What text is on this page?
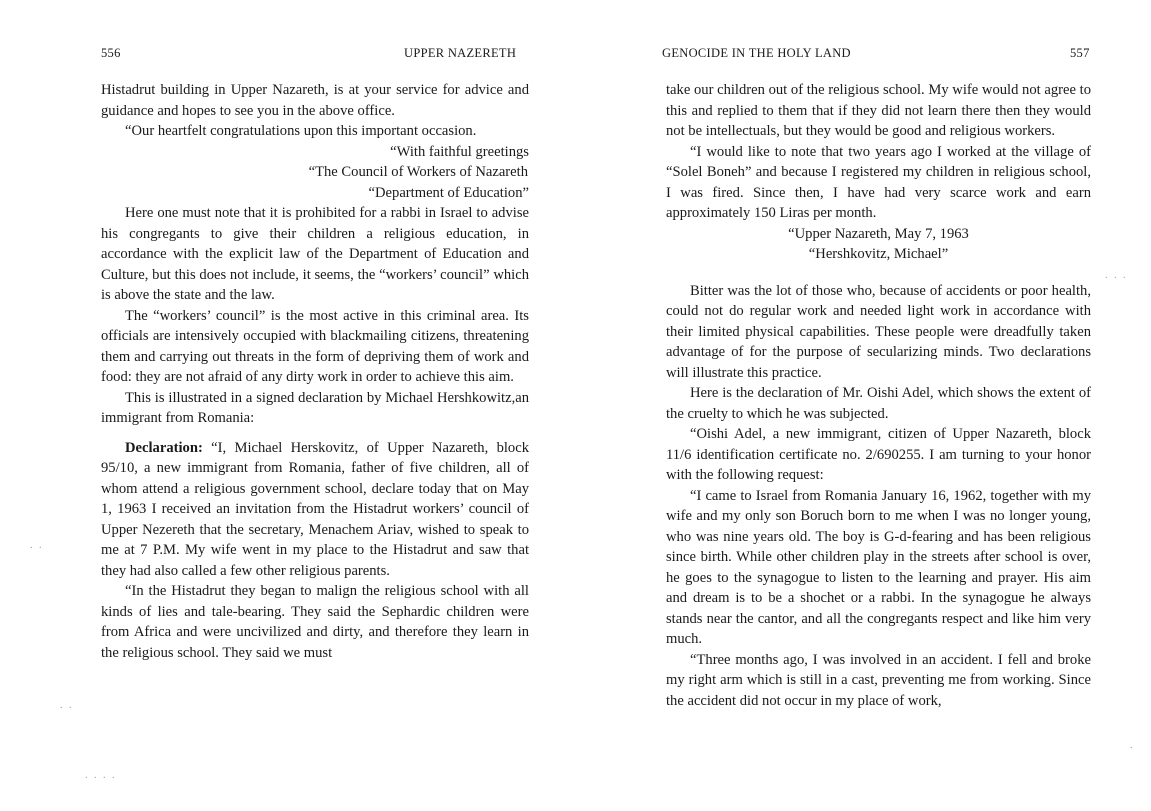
556	UPPER NAZERETH

Histadrut building in Upper Nazareth, is at your service for advice and guidance and hopes to see you in the above office.

“Our heartfelt congratulations upon this important occasion.

“With faithful greetings

“The Council of Workers of Nazareth

“Department of Education”

Here one must note that it is prohibited for a rabbi in Israel to advise his congregants to give their children a religious education, in accordance with the explicit law of the Department of Education and Culture, but this does not include, it seems, the “workers’ council” which is above the state and the law.

The “workers’ council” is the most active in this criminal area. Its officials are intensively occupied with blackmailing citizens, threatening them and carrying out threats in the form of depriving them of work and food: they are not afraid of any dirty work in order to achieve this aim.

This is illustrated in a signed declaration by Michael Hershkowitz,an immigrant from Romania:

Declaration: “I, Michael Herskovitz, of Upper Nazareth, block 95/10, a new immigrant from Romania, father of five children, all of whom attend a religious government school, declare today that on May 1, 1963 I received an invitation from the Histadrut workers’ council of Upper Nezereth that the secretary, Menachem Ariav, wished to speak to me at 7 P.M. My wife went in my place to the Histadrut and saw that they had also called a few other religious parents.

“In the Histadrut they began to malign the religious school with all kinds of lies and tale-bearing. They said the Sephardic children were from Africa and were uncivilized and dirty, and therefore they learn in the religious school. They said we must

GENOCIDE IN THE HOLY LAND	557

take our children out of the religious school. My wife would not agree to this and replied to them that if they did not learn there then they would not be intellectuals, but they would be good and religious workers.

“I would like to note that two years ago I worked at the village of “Solel Boneh” and because I registered my children in religious school, I was fired. Since then, I have had very scarce work and earn approximately 150 Liras per month.

“Upper Nazareth, May 7, 1963

“Hershkovitz, Michael”

Bitter was the lot of those who, because of accidents or poor health, could not do regular work and needed light work in accordance with their limited physical capabilities. These people were dreadfully taken advantage of for the purpose of secularizing minds. Two declarations will illustrate this practice.

Here is the declaration of Mr. Oishi Adel, which shows the extent of the cruelty to which he was subjected.

“Oishi Adel, a new immigrant, citizen of Upper Nazareth, block 11/6 identification certificate no. 2/690255. I am turning to your honor with the following request:

“I came to Israel from Romania January 16, 1962, together with my wife and my only son Boruch born to me when I was no longer young, who was nine years old. The boy is G-d-fearing and has been religious since birth. While other children play in the streets after school is over, he goes to the synagogue to listen to the learning and prayer. His aim and dream is to be a shochet or a rabbi. In the synagogue he always stands near the cantor, and all the congregants respect and like him very much.

“Three months ago, I was involved in an accident. I fell and broke my right arm which is still in a cast, preventing me from working. Since the accident did not occur in my place of work,

. .
. .
. . .
.
. . . .
